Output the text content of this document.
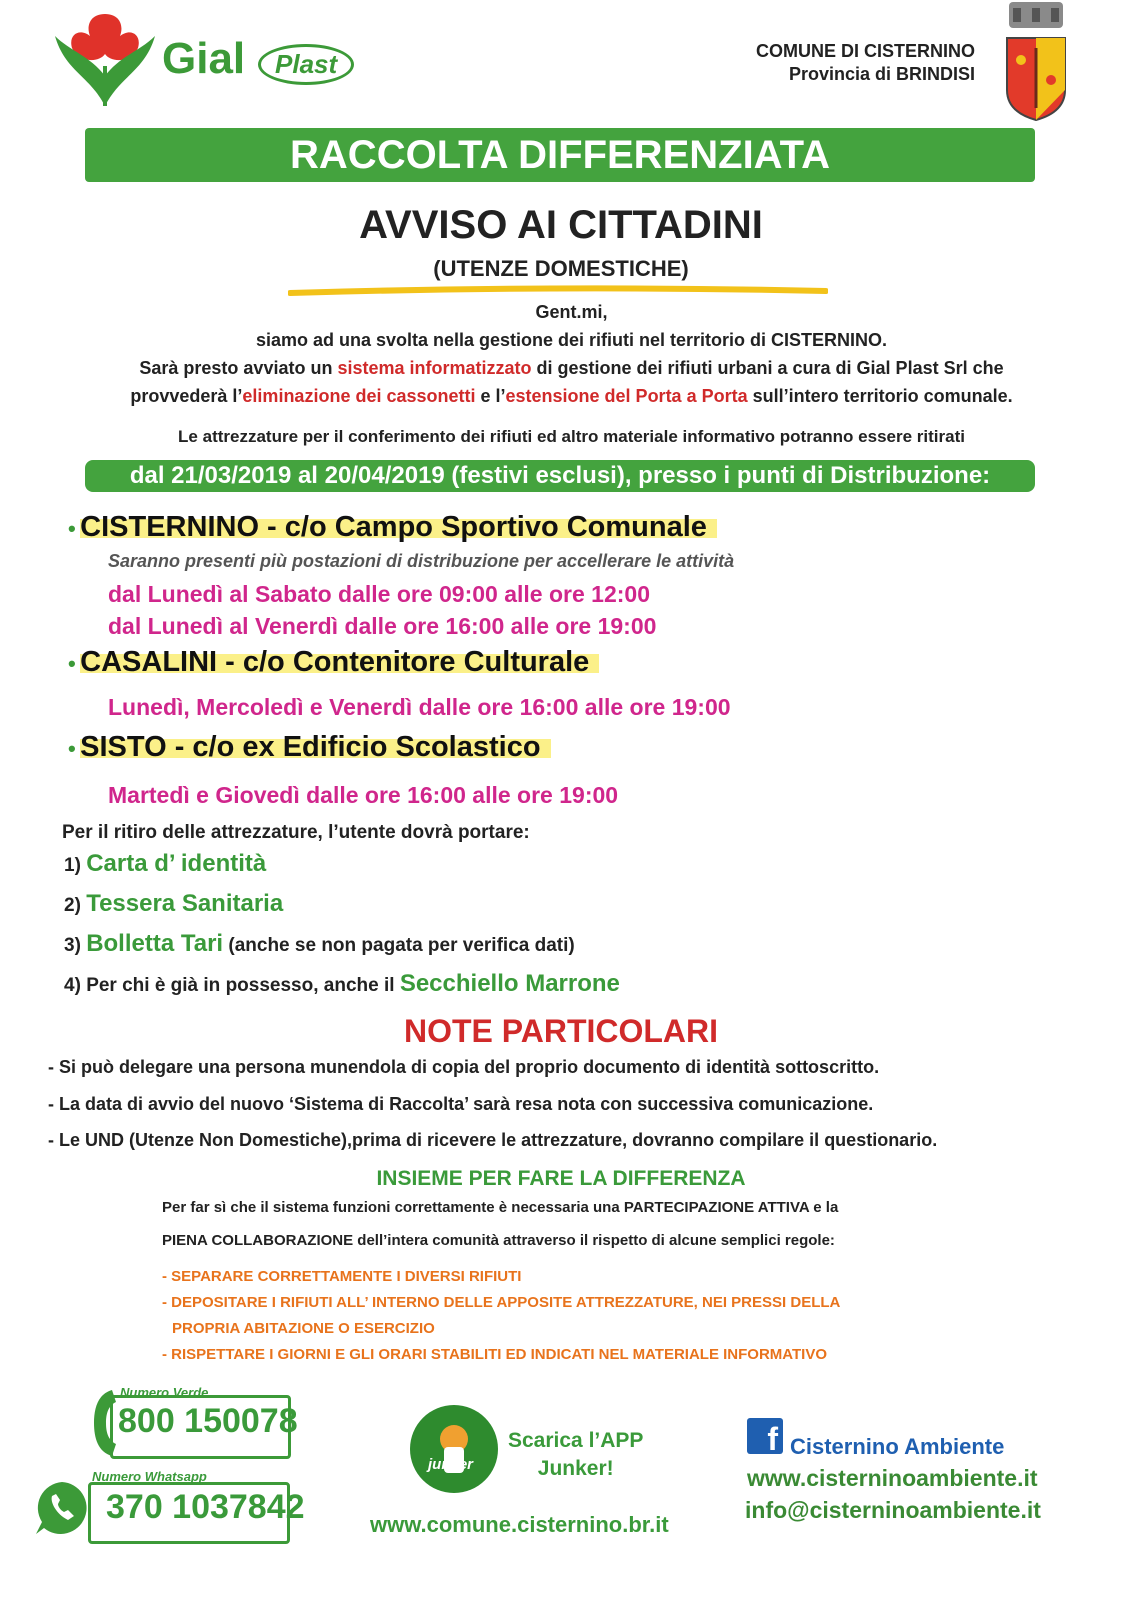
Gial	Plast	COMUNE DI CISTERNINO
Provincia di BRINDISI
RACCOLTA DIFFERENZIATA
AVVISO AI CITTADINI
(UTENZE DOMESTICHE)
Gent.mi,
siamo ad una svolta nella gestione dei rifiuti nel territorio di CISTERNINO.
Sarà presto avviato un sistema informatizzato di gestione dei rifiuti urbani a cura di Gial Plast Srl che
provvederà l’eliminazione dei cassonetti e l’estensione del Porta a Porta sull’intero territorio comunale.
Le attrezzature per il conferimento dei rifiuti ed altro materiale informativo potranno essere ritirati
dal 21/03/2019 al 20/04/2019 (festivi esclusi), presso i punti di Distribuzione:
• CISTERNINO - c/o Campo Sportivo Comunale
Saranno presenti più postazioni di distribuzione per accellerare le attività
dal Lunedì al Sabato dalle ore 09:00 alle ore 12:00
dal Lunedì al Venerdì dalle ore 16:00 alle ore 19:00
• CASALINI - c/o Contenitore Culturale
Lunedì, Mercoledì e Venerdì dalle ore 16:00 alle ore 19:00
• SISTO - c/o ex Edificio Scolastico
Martedì e Giovedì dalle ore 16:00 alle ore 19:00
Per il ritiro delle attrezzature, l’utente dovrà portare:
1) Carta d’ identità
2) Tessera Sanitaria
3) Bolletta Tari (anche se non pagata per verifica dati)
4) Per chi è già in possesso, anche il Secchiello Marrone
NOTE PARTICOLARI
- Si può delegare una persona munendola di copia del proprio documento di identità sottoscritto.
- La data di avvio del nuovo ‘Sistema di Raccolta’ sarà resa nota con successiva comunicazione.
- Le UND (Utenze Non Domestiche),prima di ricevere le attrezzature, dovranno compilare il questionario.
INSIEME PER FARE LA DIFFERENZA
Per far sì che il sistema funzioni correttamente è necessaria una PARTECIPAZIONE ATTIVA e la
PIENA COLLABORAZIONE dell’intera comunità attraverso il rispetto di alcune semplici regole:
- SEPARARE CORRETTAMENTE I DIVERSI RIFIUTI
- DEPOSITARE I RIFIUTI ALL’ INTERNO DELLE APPOSITE ATTREZZATURE, NEI PRESSI DELLA
PROPRIA ABITAZIONE O ESERCIZIO
- RISPETTARE I GIORNI E GLI ORARI STABILITI ED INDICATI NEL MATERIALE INFORMATIVO
Numero Verde
800 150078
Numero Whatsapp
370 1037842
junker
Scarica l’APP
Junker!
www.comune.cisternino.br.it
f Cisternino Ambiente
www.cisterninoambiente.it
info@cisterninoambiente.it
